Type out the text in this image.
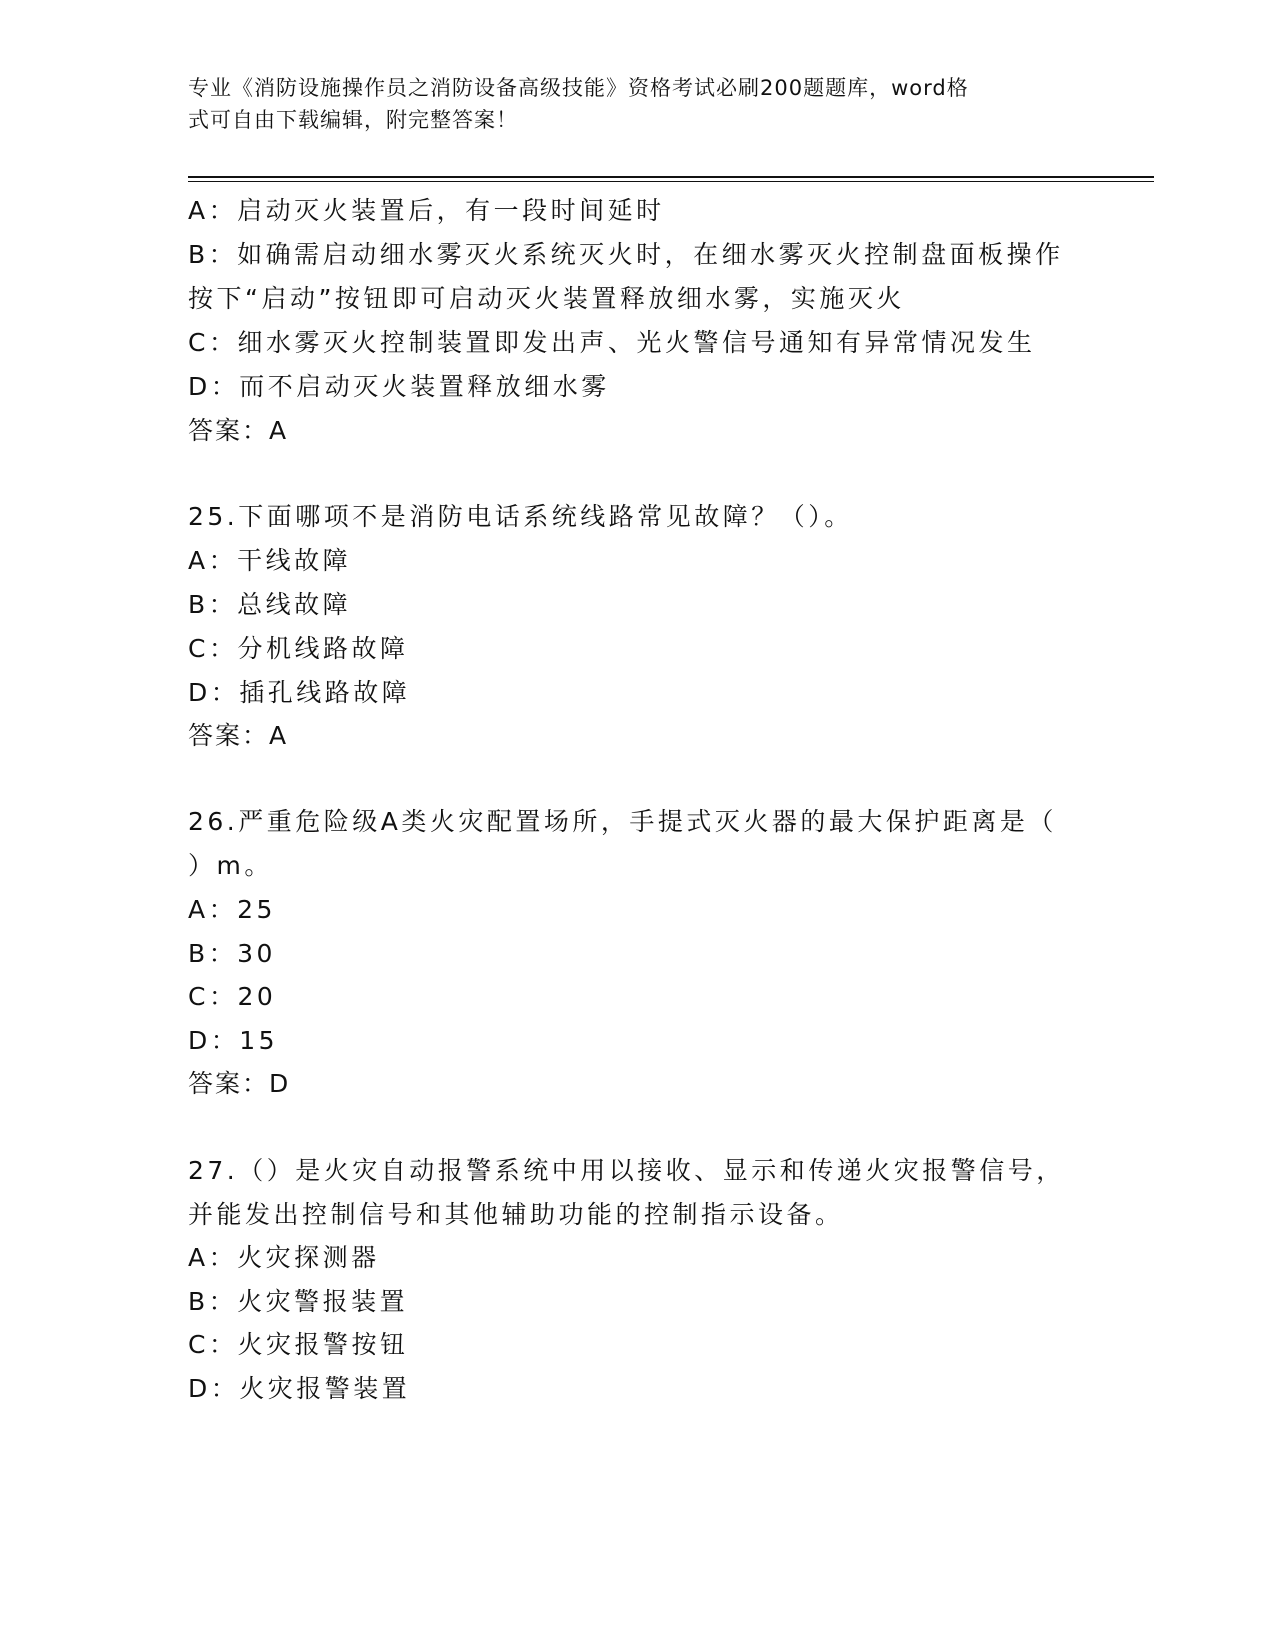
专业《消防设施操作员之消防设备高级技能》资格考试必刷200题题库，word格
式可自由下载编辑，附完整答案！
A：启动灭火装置后，有一段时间延时
B：如确需启动细水雾灭火系统灭火时，在细水雾灭火控制盘面板操作
按下“启动”按钮即可启动灭火装置释放细水雾，实施灭火
C：细水雾灭火控制装置即发出声、光火警信号通知有异常情况发生
D：而不启动灭火装置释放细水雾
答案：A
25.下面哪项不是消防电话系统线路常见故障？（）。
A：干线故障
B：总线故障
C：分机线路故障
D：插孔线路故障
答案：A
26.严重危险级A类火灾配置场所，手提式灭火器的最大保护距离是（
）m。
A：25
B：30
C：20
D：15
答案：D
27.（）是火灾自动报警系统中用以接收、显示和传递火灾报警信号，
并能发出控制信号和其他辅助功能的控制指示设备。
A：火灾探测器
B：火灾警报装置
C：火灾报警按钮
D：火灾报警装置
